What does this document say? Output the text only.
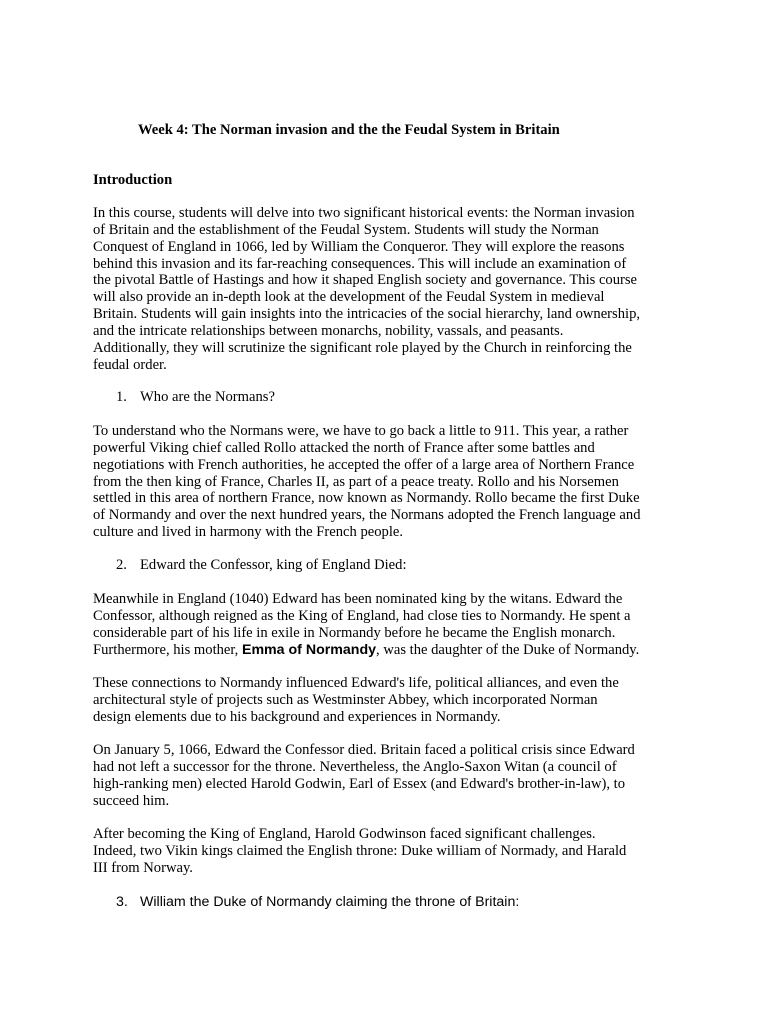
Week 4: The Norman invasion and the the Feudal System in Britain
Introduction

In this course, students will delve into two significant historical events: the Norman invasion
of Britain and the establishment of the Feudal System. Students will study the Norman
Conquest of England in 1066, led by William the Conqueror. They will explore the reasons
behind this invasion and its far-reaching consequences. This will include an examination of
the pivotal Battle of Hastings and how it shaped English society and governance. This course
will also provide an in-depth look at the development of the Feudal System in medieval
Britain. Students will gain insights into the intricacies of the social hierarchy, land ownership,
and the intricate relationships between monarchs, nobility, vassals, and peasants.
Additionally, they will scrutinize the significant role played by the Church in reinforcing the
feudal order.

1. Who are the Normans?

To understand who the Normans were, we have to go back a little to 911. This year, a rather
powerful Viking chief called Rollo attacked the north of France after some battles and
negotiations with French authorities, he accepted the offer of a large area of Northern France
from the then king of France, Charles II, as part of a peace treaty. Rollo and his Norsemen
settled in this area of northern France, now known as Normandy. Rollo became the first Duke
of Normandy and over the next hundred years, the Normans adopted the French language and
culture and lived in harmony with the French people.

2. Edward the Confessor, king of England Died:

Meanwhile in England (1040) Edward has been nominated king by the witans. Edward the
Confessor, although reigned as the King of England, had close ties to Normandy. He spent a
considerable part of his life in exile in Normandy before he became the English monarch.
Furthermore, his mother, Emma of Normandy, was the daughter of the Duke of Normandy.

These connections to Normandy influenced Edward's life, political alliances, and even the
architectural style of projects such as Westminster Abbey, which incorporated Norman
design elements due to his background and experiences in Normandy.

On January 5, 1066, Edward the Confessor died. Britain faced a political crisis since Edward
had not left a successor for the throne. Nevertheless, the Anglo-Saxon Witan (a council of
high-ranking men) elected Harold Godwin, Earl of Essex (and Edward's brother-in-law), to
succeed him.

After becoming the King of England, Harold Godwinson faced significant challenges.
Indeed, two Vikin kings claimed the English throne: Duke william of Normady, and Harald
III from Norway.

3. William the Duke of Normandy claiming the throne of Britain:
